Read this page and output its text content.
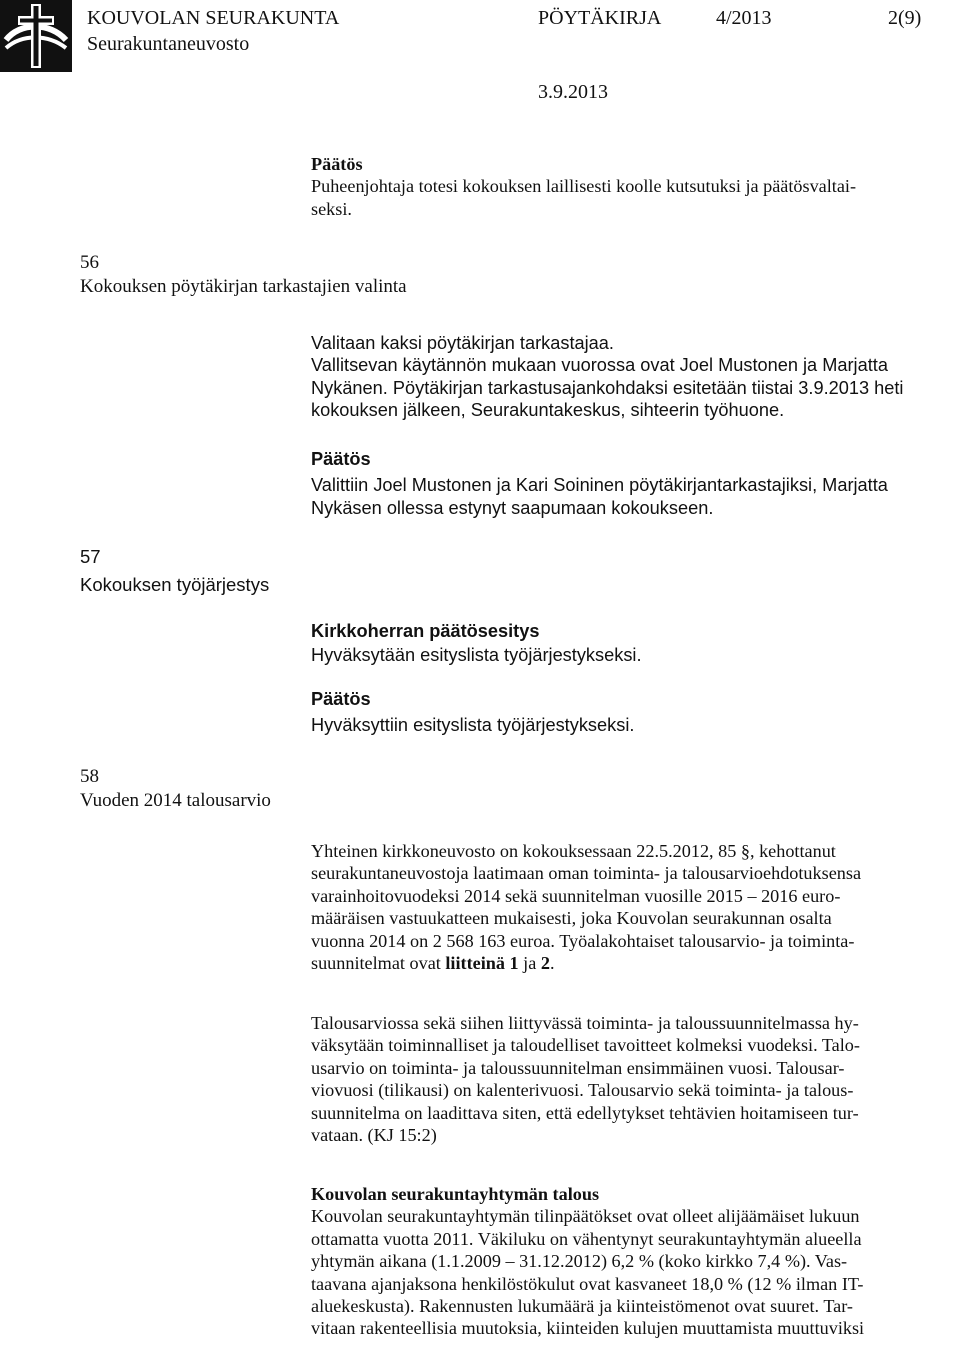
KOUVOLAN SEURAKUNTA	PÖYTÄKIRJA	4/2013	2(9)
Seurakuntaneuvosto
3.9.2013
Päätös
Puheenjohtaja totesi kokouksen laillisesti koolle kutsutuksi ja päätösvaltai-
seksi.
56
Kokouksen pöytäkirjan tarkastajien valinta
Valitaan kaksi pöytäkirjan tarkastajaa.
Vallitsevan käytännön mukaan vuorossa ovat Joel Mustonen ja Marjatta
Nykänen. Pöytäkirjan tarkastusajankohdaksi esitetään tiistai 3.9.2013 heti
kokouksen jälkeen, Seurakuntakeskus, sihteerin työhuone.
Päätös
Valittiin Joel Mustonen ja Kari Soininen pöytäkirjantarkastajiksi, Marjatta
Nykäsen ollessa estynyt saapumaan kokoukseen.
57
Kokouksen työjärjestys
Kirkkoherran päätösesitys
Hyväksytään esityslista työjärjestykseksi.
Päätös
Hyväksyttiin esityslista työjärjestykseksi.
58
Vuoden 2014 talousarvio
Yhteinen kirkkoneuvosto on kokouksessaan 22.5.2012, 85 §, kehottanut
seurakuntaneuvostoja laatimaan oman toiminta- ja talousarvioehdotuksensa
varainhoitovuodeksi 2014 sekä suunnitelman vuosille 2015 – 2016 euro-
määräisen vastuukatteen mukaisesti, joka Kouvolan seurakunnan osalta
vuonna 2014 on 2 568 163 euroa. Työalakohtaiset talousarvio- ja toiminta-
suunnitelmat ovat liitteinä 1 ja 2.
Talousarviossa sekä siihen liittyvässä toiminta- ja taloussuunnitelmassa hy-
väksytään toiminnalliset ja taloudelliset tavoitteet kolmeksi vuodeksi. Talo-
usarvio on toiminta- ja taloussuunnitelman ensimmäinen vuosi. Talousar-
viovuosi (tilikausi) on kalenterivuosi. Talousarvio sekä toiminta- ja talous-
suunnitelma on laadittava siten, että edellytykset tehtävien hoitamiseen tur-
vataan. (KJ 15:2)
Kouvolan seurakuntayhtymän talous
Kouvolan seurakuntayhtymän tilinpäätökset ovat olleet alijäämäiset lukuun
ottamatta vuotta 2011. Väkiluku on vähentynyt seurakuntayhtymän alueella
yhtymän aikana (1.1.2009 – 31.12.2012) 6,2 % (koko kirkko 7,4 %). Vas-
taavana ajanjaksona henkilöstökulut ovat kasvaneet 18,0 % (12 % ilman IT-
aluekeskusta). Rakennusten lukumäärä ja kiinteistömenot ovat suuret. Tar-
vitaan rakenteellisia muutoksia, kiinteiden kulujen muuttamista muuttuviksi
